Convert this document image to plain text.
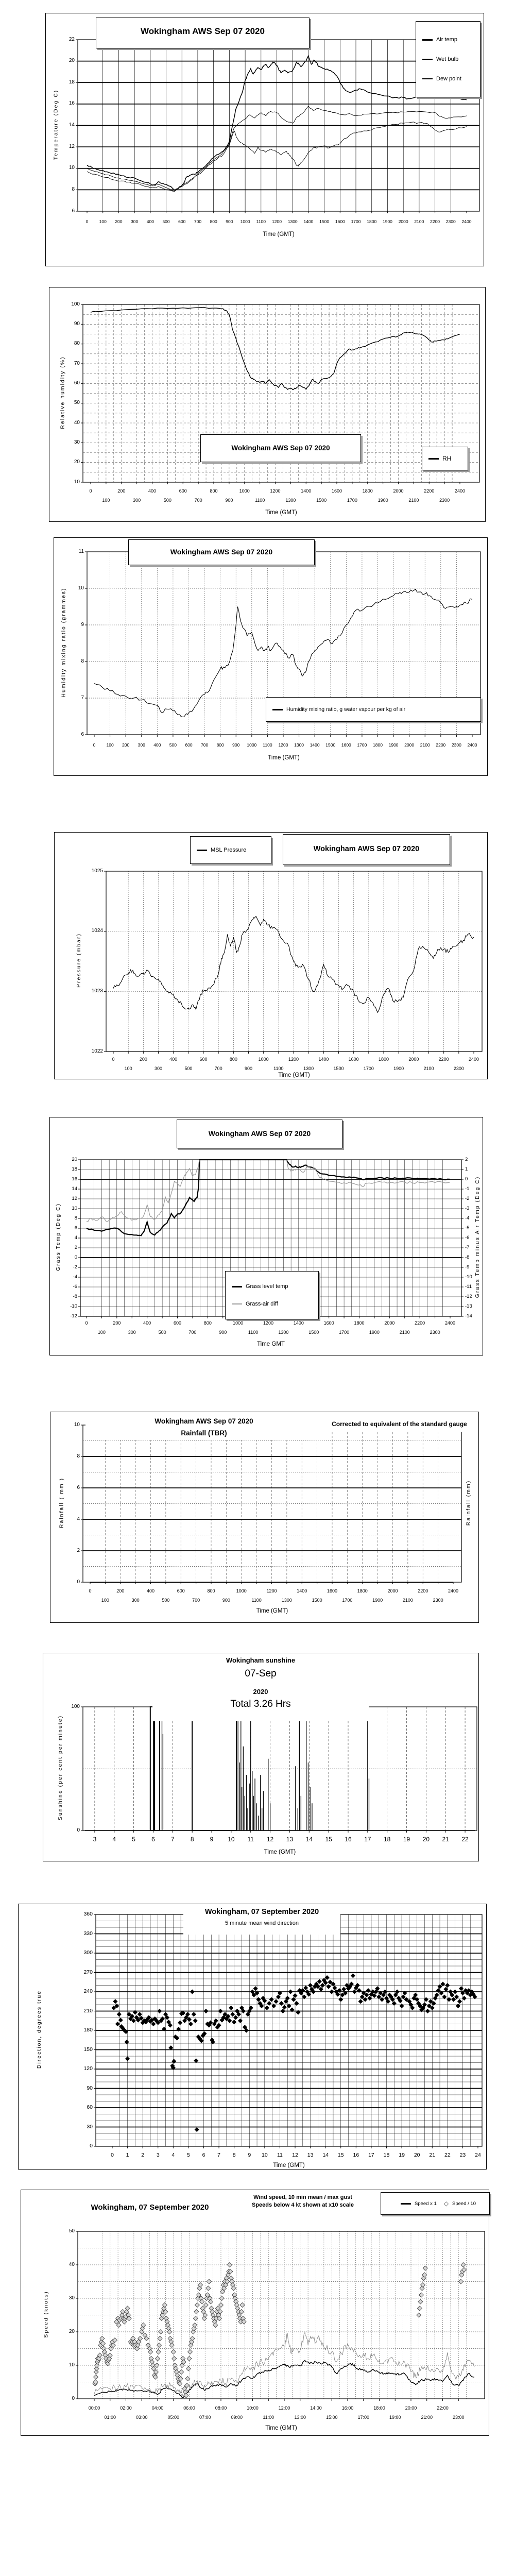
6
8
10
12
14
16
18
20
22
0	100	200	300	400	500	600	700	800	900	1000	1100	1200	1300	1400	1500	1600	1700	1800	1900	2000	2100	2200	2300	2400
Time (GMT)
Temperature (Deg C)
Wokingham AWS Sep 07 2020
Air temp
Wet bulb
Dew point
10
20
30
40
50
60
70
80
90
100
0	200	400	600	800	1000	1200	1400	1600	1800	2000	2200	2400
100	300	500	700	900	1100	1300	1500	1700	1900	2100	2300
Time (GMT)
Relative humidity (%)
Wokingham AWS Sep 07 2020
RH
6
7
8
9
10
11
0	100	200	300	400	500	600	700	800	900	1000	1100	1200	1300	1400	1500	1600	1700	1800	1900	2000	2100	2200	2300	2400
Time (GMT)
Humidity mixing ratio (grammes)
Wokingham AWS Sep 07 2020
Humidity mixing ratio, g water vapour per kg of air
1022
1023
1024
1025
0	200	400	600	800	1000	1200	1400	1600	1800	2000	2200	2400
100	300	500	700	900	1100	1300	1500	1700	1900	2100	2300
Time (GMT)
Pressure (mbar)
MSL Pressure	Wokingham AWS Sep 07 2020
-12
-10
-8
-6
-4
-2
0
2
4
6
8
10
12
14
16
18
20
-14
-13
-12
-11
-10
-9
-8
-7
-6
-5
-4
-3
-2
-1
0
1
2
0	200	400	600	800	1000	1200	1400	1600	1800	2000	2200	2400
100	300	500	700	900	1100	1300	1500	1700	1900	2100	2300
Time GMT
Grass Temp (Deg C)	Grass Temp minus Air Temp (Deg C)
Wokingham AWS Sep 07 2020
Grass level temp
Grass-air diff
0
2
4
6
8
10
0	200	400	600	800	1000	1200	1400	1600	1800	2000	2200	2400
100	300	500	700	900	1100	1300	1500	1700	1900	2100	2300
Time (GMT)
Rainfall ( mm )	Rainfall (mm)
Wokingham AWS Sep 07 2020
Rainfall (TBR)
Corrected to equivalent of the standard gauge
0
100
3	4	5	6	7	8	9	10	11	12	13	14	15	16	17	18	19	20	21	22
Time (GMT)
Sunshine (per cent per minute)
Wokingham sunshine
07-Sep
2020
Total 3.26 Hrs
0
30
60
90
120
150
180
210
240
270
300
330
360
0	1	2	3	4	5	6	7	8	9	10	11	12	13	14	15	16	17	18	19	20	21	22	23	24
Time (GMT)
Direction, degrees true
Wokingham, 07 September 2020
5 minute mean wind direction
0
10
20
30
40
50
00:00	02:00	04:00	06:00	08:00	10:00	12:00	14:00	16:00	18:00	20:00	22:00
01:00	03:00	05:00	07:00	09:00	11:00	13:00	15:00	17:00	19:00	21:00	23:00
Time (GMT)
Speed (knots)
Wokingham, 07 September 2020
Wind speed, 10 min mean / max gust
Speeds below 4 kt shown at x10 scale	Speed x 1 ◇ Speed / 10
